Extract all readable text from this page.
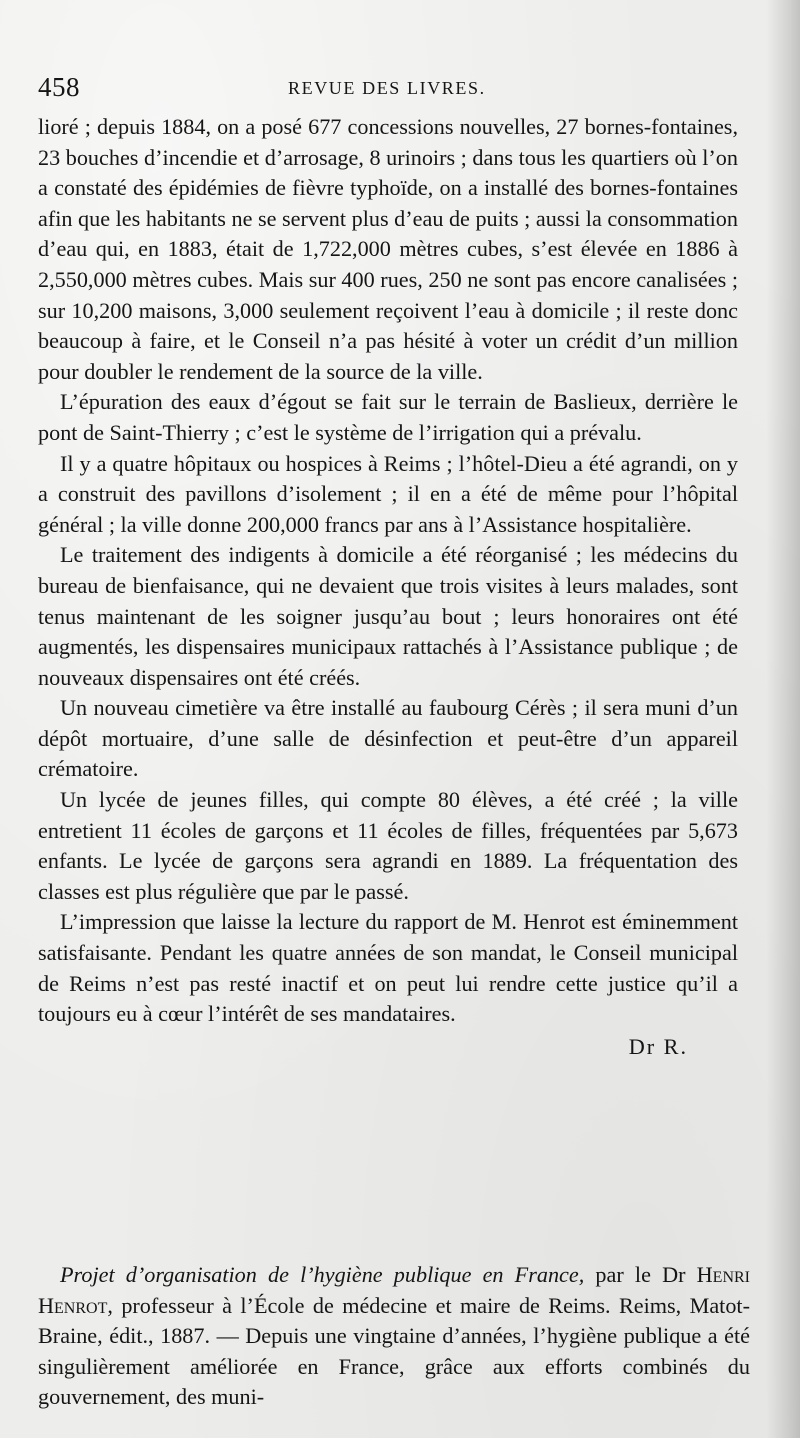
458	REVUE DES LIVRES.

lioré ; depuis 1884, on a posé 677 concessions nouvelles, 27 bornes-fontaines, 23 bouches d’incendie et d’arrosage, 8 urinoirs ; dans tous les quartiers où l’on a constaté des épidémies de fièvre typhoïde, on a installé des bornes-fontaines afin que les habitants ne se servent plus d’eau de puits ; aussi la consommation d’eau qui, en 1883, était de 1,722,000 mètres cubes, s’est élevée en 1886 à 2,550,000 mètres cubes. Mais sur 400 rues, 250 ne sont pas encore canalisées ; sur 10,200 maisons, 3,000 seulement reçoivent l’eau à domicile ; il reste donc beaucoup à faire, et le Conseil n’a pas hésité à voter un crédit d’un million pour doubler le rendement de la source de la ville.

L’épuration des eaux d’égout se fait sur le terrain de Baslieux, derrière le pont de Saint-Thierry ; c’est le système de l’irrigation qui a prévalu.

Il y a quatre hôpitaux ou hospices à Reims ; l’hôtel-Dieu a été agrandi, on y a construit des pavillons d’isolement ; il en a été de même pour l’hôpital général ; la ville donne 200,000 francs par ans à l’Assistance hospitalière.

Le traitement des indigents à domicile a été réorganisé ; les médecins du bureau de bienfaisance, qui ne devaient que trois visites à leurs malades, sont tenus maintenant de les soigner jusqu’au bout ; leurs honoraires ont été augmentés, les dispensaires municipaux rattachés à l’Assistance publique ; de nouveaux dispensaires ont été créés.

Un nouveau cimetière va être installé au faubourg Cérès ; il sera muni d’un dépôt mortuaire, d’une salle de désinfection et peut-être d’un appareil crématoire.

Un lycée de jeunes filles, qui compte 80 élèves, a été créé ; la ville entretient 11 écoles de garçons et 11 écoles de filles, fréquentées par 5,673 enfants. Le lycée de garçons sera agrandi en 1889. La fréquentation des classes est plus régulière que par le passé.

L’impression que laisse la lecture du rapport de M. Henrot est éminemment satisfaisante. Pendant les quatre années de son mandat, le Conseil municipal de Reims n’est pas resté inactif et on peut lui rendre cette justice qu’il a toujours eu à cœur l’intérêt de ses mandataires.

Dr R.

Projet d’organisation de l’hygiène publique en France, par le Dr Henri Henrot, professeur à l’École de médecine et maire de Reims. Reims, Matot-Braine, édit., 1887. — Depuis une vingtaine d’années, l’hygiène publique a été singulièrement améliorée en France, grâce aux efforts combinés du gouvernement, des muni-
